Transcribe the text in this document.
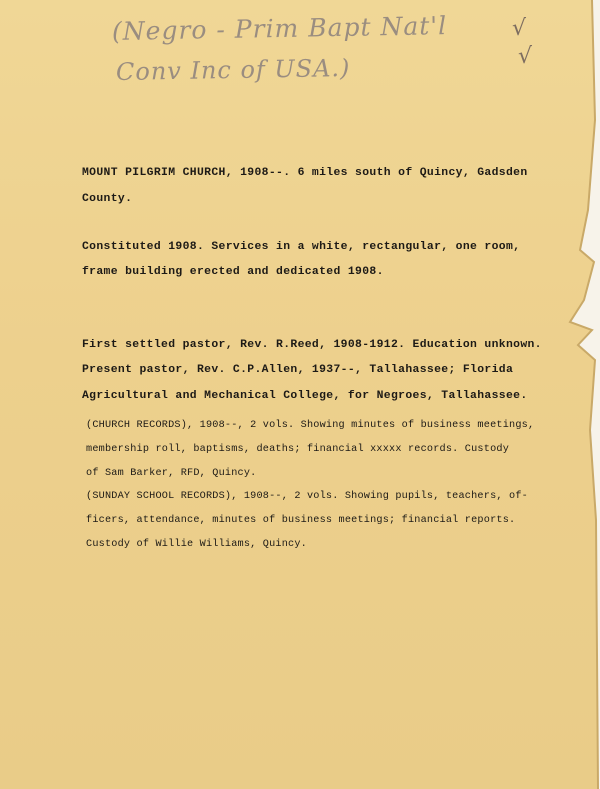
(Negro - Prim Bapt Nat'l
Conv Inc of USA.)
√
√

MOUNT PILGRIM CHURCH, 1908--. 6 miles south of Quincy, Gadsden

County.

Constituted 1908. Services in a white, rectangular, one room,

frame building erected and dedicated 1908.

First settled pastor, Rev. R.Reed, 1908-1912. Education unknown.

Present pastor, Rev. C.P.Allen, 1937--, Tallahassee; Florida

Agricultural and Mechanical College, for Negroes, Tallahassee.

(CHURCH RECORDS), 1908--, 2 vols. Showing minutes of business meetings,

membership roll, baptisms, deaths; financial xxxxx records. Custody

of Sam Barker, RFD, Quincy.

(SUNDAY SCHOOL RECORDS), 1908--, 2 vols. Showing pupils, teachers, of-

ficers, attendance, minutes of business meetings; financial reports.

Custody of Willie Williams, Quincy.
